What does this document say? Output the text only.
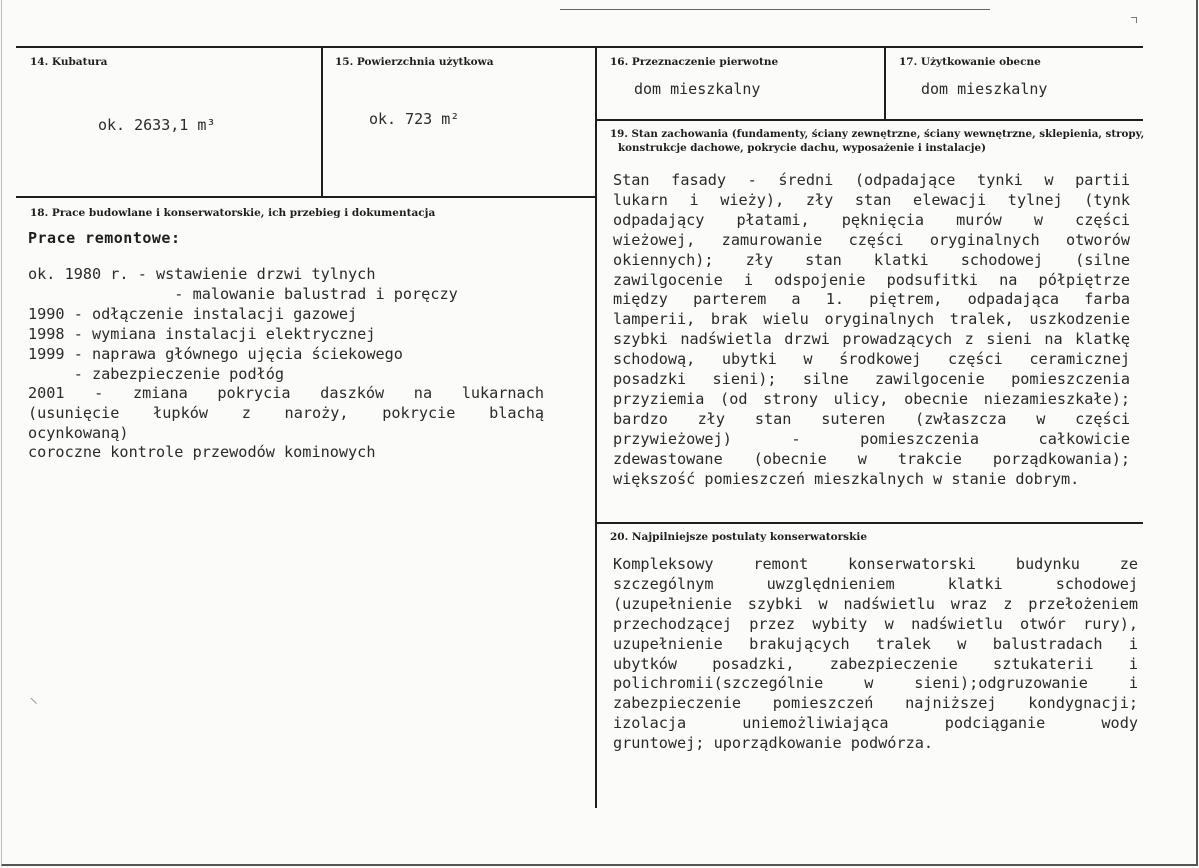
14. Kubatura
ok. 2633,1 m³
15. Powierzchnia użytkowa
ok. 723 m²
16. Przeznaczenie pierwotne
dom mieszkalny
17. Użytkowanie obecne
dom mieszkalny
19. Stan zachowania (fundamenty, ściany zewnętrzne, ściany wewnętrzne, sklepienia, stropy,
konstrukcje dachowe, pokrycie dachu, wyposażenie i instalacje)
Stan fasady - średni (odpadające tynki w partii
lukarn i wieży), zły stan elewacji tylnej (tynk
odpadający płatami, pęknięcia murów w części
wieżowej, zamurowanie części oryginalnych otworów
okiennych); zły stan klatki schodowej (silne
zawilgocenie i odspojenie podsufitki na półpiętrze
między parterem a 1. piętrem, odpadająca farba
lamperii, brak wielu oryginalnych tralek, uszkodzenie
szybki nadświetla drzwi prowadzących z sieni na klatkę
schodową, ubytki w środkowej części ceramicznej
posadzki sieni); silne zawilgocenie pomieszczenia
przyziemia (od strony ulicy, obecnie niezamieszkałe);
bardzo zły stan suteren (zwłaszcza w części
przywieżowej) - pomieszczenia całkowicie
zdewastowane (obecnie w trakcie porządkowania);
większość pomieszczeń mieszkalnych w stanie dobrym.
20. Najpilniejsze postulaty konserwatorskie
Kompleksowy remont konserwatorski budynku ze
szczególnym uwzględnieniem klatki schodowej
(uzupełnienie szybki w nadświetlu wraz z przełożeniem
przechodzącej przez wybity w nadświetlu otwór rury),
uzupełnienie brakujących tralek w balustradach i
ubytków posadzki, zabezpieczenie sztukaterii i
polichromii(szczególnie w sieni);odgruzowanie i
zabezpieczenie pomieszczeń najniższej kondygnacji;
izolacja uniemożliwiająca podciąganie wody
gruntowej; uporządkowanie podwórza.
18. Prace budowlane i konserwatorskie, ich przebieg i dokumentacja
Prace remontowe:
ok. 1980 r. - wstawienie drzwi tylnych
- malowanie balustrad i poręczy
1990 - odłączenie instalacji gazowej
1998 - wymiana instalacji elektrycznej
1999 - naprawa głównego ujęcia ściekowego
- zabezpieczenie podłóg
2001 - zmiana pokrycia daszków na lukarnach
(usunięcie łupków z naroży, pokrycie blachą
ocynkowaną)
coroczne kontrole przewodów kominowych
